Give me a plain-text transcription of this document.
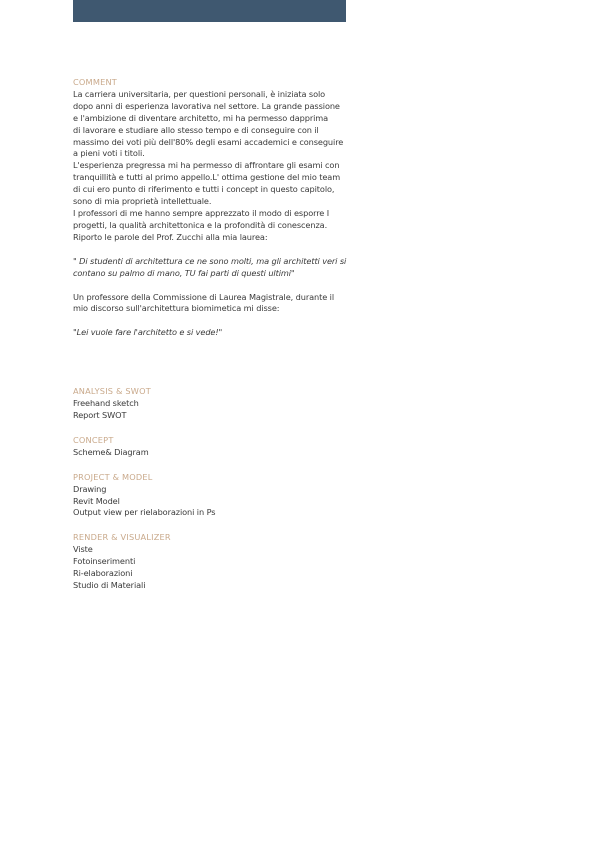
COMMENT
La carriera universitaria, per questioni personali, è iniziata solo
dopo anni di esperienza lavorativa nel settore. La grande passione
e l'ambizione di diventare architetto, mi ha permesso dapprima
di lavorare e studiare allo stesso tempo e di conseguire con il
massimo dei voti più dell'80% degli esami accademici e conseguire
a pieni voti i titoli.
L'esperienza pregressa mi ha permesso di affrontare gli esami con
tranquillità e tutti al primo appello.L' ottima gestione del mio team
di cui ero punto di riferimento e tutti i concept in questo capitolo,
sono di mia proprietà intellettuale.
I professori di me hanno sempre apprezzato il modo di esporre I
progetti, la qualità architettonica e la profondità di conescenza.
Riporto le parole del Prof. Zucchi alla mia laurea:
" Di studenti di architettura ce ne sono molti, ma gli architetti veri si
contano su palmo di mano, TU fai parti di questi ultimi"
Un professore della Commissione di Laurea Magistrale, durante il
mio discorso sull'architettura biomimetica mi disse:
"Lei vuole fare l'architetto e si vede!"
ANALYSIS & SWOT
Freehand sketch
Report SWOT
CONCEPT
Scheme& Diagram
PROJECT & MODEL
Drawing
Revit Model
Output view per rielaborazioni in Ps
RENDER & VISUALIZER
Viste
Fotoinserimenti
Ri-elaborazioni
Studio di Materiali
